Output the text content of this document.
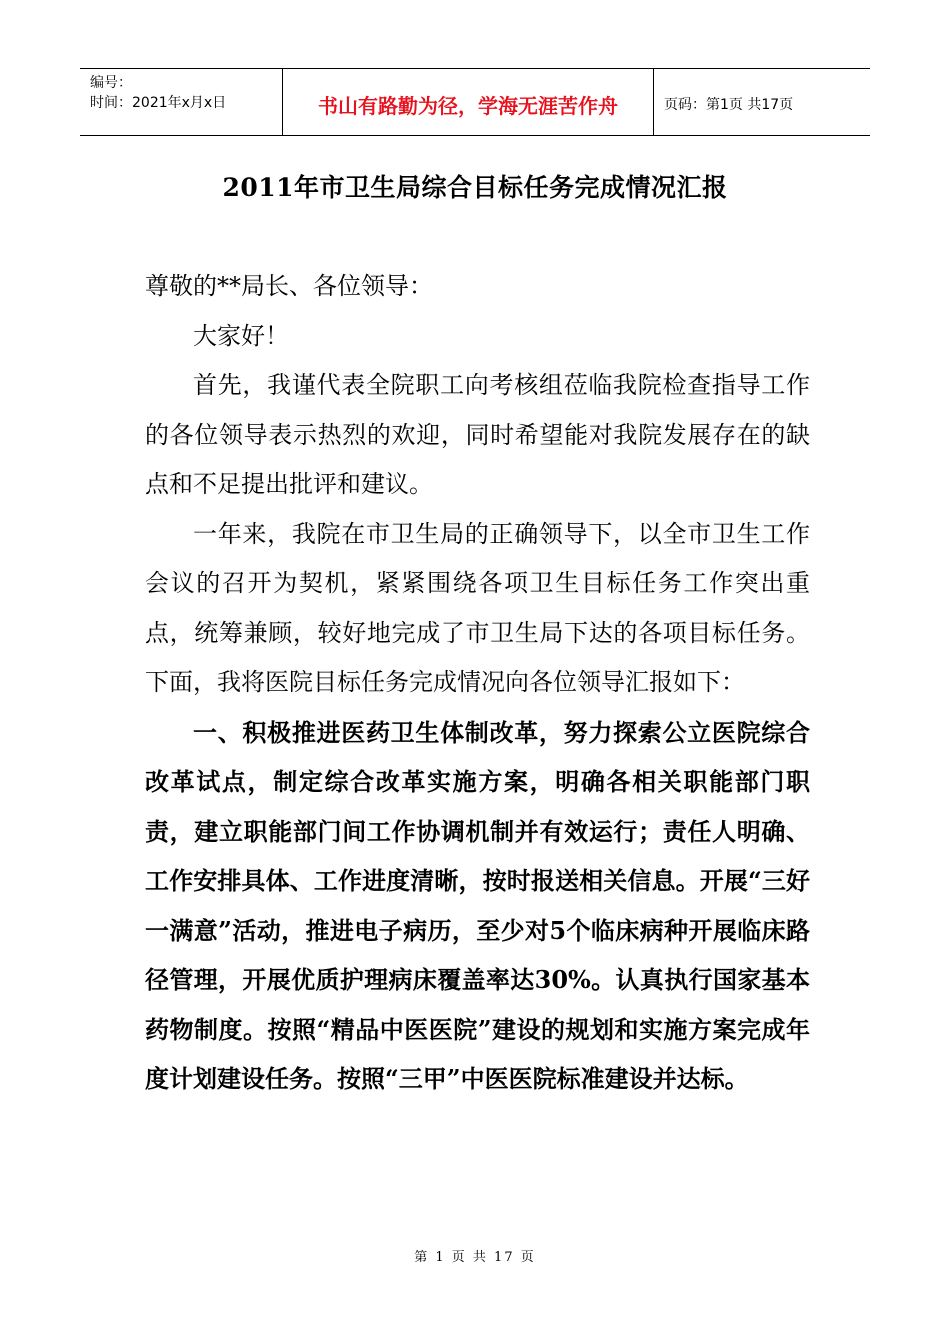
编号：
时间：2021年x月x日	书山有路勤为径，学海无涯苦作舟	页码：第1页 共17页
2011年市卫生局综合目标任务完成情况汇报

尊敬的**局长、各位领导：

大家好！

首先，我谨代表全院职工向考核组莅临我院检查指导工作的各位领导表示热烈的欢迎，同时希望能对我院发展存在的缺点和不足提出批评和建议。

一年来，我院在市卫生局的正确领导下，以全市卫生工作会议的召开为契机，紧紧围绕各项卫生目标任务工作突出重点，统筹兼顾，较好地完成了市卫生局下达的各项目标任务。下面，我将医院目标任务完成情况向各位领导汇报如下：

一、积极推进医药卫生体制改革，努力探索公立医院综合改革试点，制定综合改革实施方案，明确各相关职能部门职责，建立职能部门间工作协调机制并有效运行；责任人明确、工作安排具体、工作进度清晰，按时报送相关信息。开展“三好一满意”活动，推进电子病历，至少对5个临床病种开展临床路径管理，开展优质护理病床覆盖率达30%。认真执行国家基本药物制度。按照“精品中医医院”建设的规划和实施方案完成年度计划建设任务。按照“三甲”中医医院标准建设并达标。

第 1 页 共 17 页
